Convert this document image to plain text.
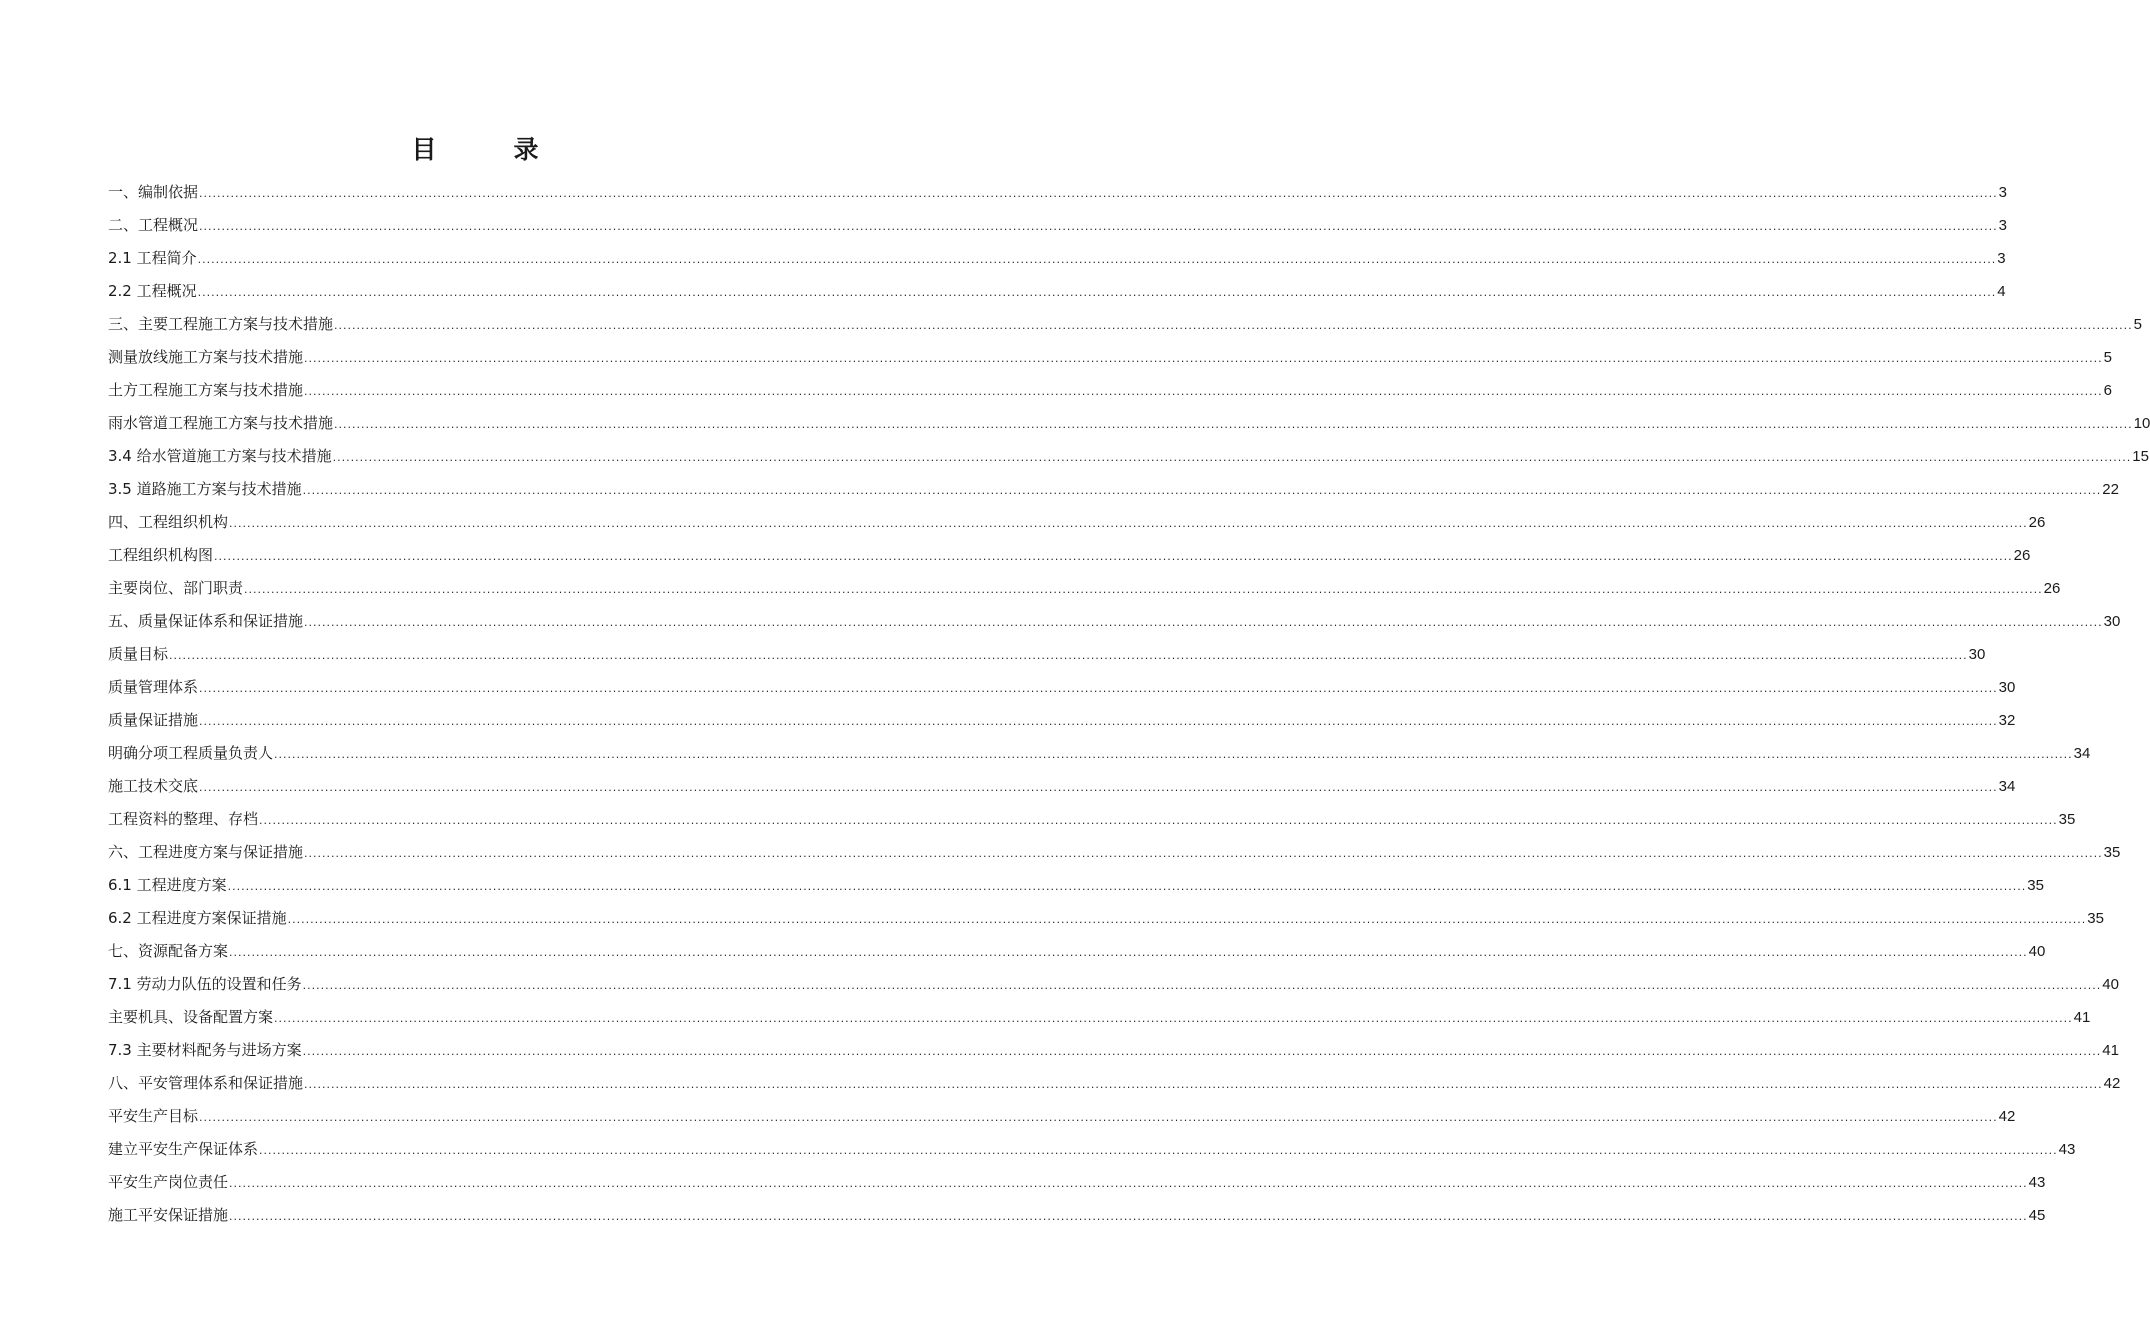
目　录
一、编制依据 ................................................................................................................................................................................................................................................................................................................................................................................................................ 3
二、工程概况 ................................................................................................................................................................................................................................................................................................................................................................................................................ 3
2.1 工程简介 ................................................................................................................................................................................................................................................................................................................................................................................................................ 3
2.2 工程概况 ................................................................................................................................................................................................................................................................................................................................................................................................................ 4
三、主要工程施工方案与技术措施 ................................................................................................................................................................................................................................................................................................................................................................................................................ 5
测量放线施工方案与技术措施 ................................................................................................................................................................................................................................................................................................................................................................................................................ 5
土方工程施工方案与技术措施 ................................................................................................................................................................................................................................................................................................................................................................................................................ 6
雨水管道工程施工方案与技术措施 ................................................................................................................................................................................................................................................................................................................................................................................................................ 10
3.4 给水管道施工方案与技术措施 ................................................................................................................................................................................................................................................................................................................................................................................................................ 15
3.5 道路施工方案与技术措施 ................................................................................................................................................................................................................................................................................................................................................................................................................ 22
四、工程组织机构 ................................................................................................................................................................................................................................................................................................................................................................................................................ 26
工程组织机构图 ................................................................................................................................................................................................................................................................................................................................................................................................................ 26
主要岗位、部门职责 ................................................................................................................................................................................................................................................................................................................................................................................................................ 26
五、质量保证体系和保证措施 ................................................................................................................................................................................................................................................................................................................................................................................................................ 30
质量目标 ................................................................................................................................................................................................................................................................................................................................................................................................................ 30
质量管理体系 ................................................................................................................................................................................................................................................................................................................................................................................................................ 30
质量保证措施 ................................................................................................................................................................................................................................................................................................................................................................................................................ 32
明确分项工程质量负责人 ................................................................................................................................................................................................................................................................................................................................................................................................................ 34
施工技术交底 ................................................................................................................................................................................................................................................................................................................................................................................................................ 34
工程资料的整理、存档 ................................................................................................................................................................................................................................................................................................................................................................................................................ 35
六、工程进度方案与保证措施 ................................................................................................................................................................................................................................................................................................................................................................................................................ 35
6.1 工程进度方案 ................................................................................................................................................................................................................................................................................................................................................................................................................ 35
6.2 工程进度方案保证措施 ................................................................................................................................................................................................................................................................................................................................................................................................................ 35
七、资源配备方案 ................................................................................................................................................................................................................................................................................................................................................................................................................ 40
7.1 劳动力队伍的设置和任务 ................................................................................................................................................................................................................................................................................................................................................................................................................ 40
主要机具、设备配置方案 ................................................................................................................................................................................................................................................................................................................................................................................................................ 41
7.3 主要材料配务与进场方案 ................................................................................................................................................................................................................................................................................................................................................................................................................ 41
八、平安管理体系和保证措施 ................................................................................................................................................................................................................................................................................................................................................................................................................ 42
平安生产目标 ................................................................................................................................................................................................................................................................................................................................................................................................................ 42
建立平安生产保证体系 ................................................................................................................................................................................................................................................................................................................................................................................................................ 43
平安生产岗位责任 ................................................................................................................................................................................................................................................................................................................................................................................................................ 43
施工平安保证措施 ................................................................................................................................................................................................................................................................................................................................................................................................................ 45
